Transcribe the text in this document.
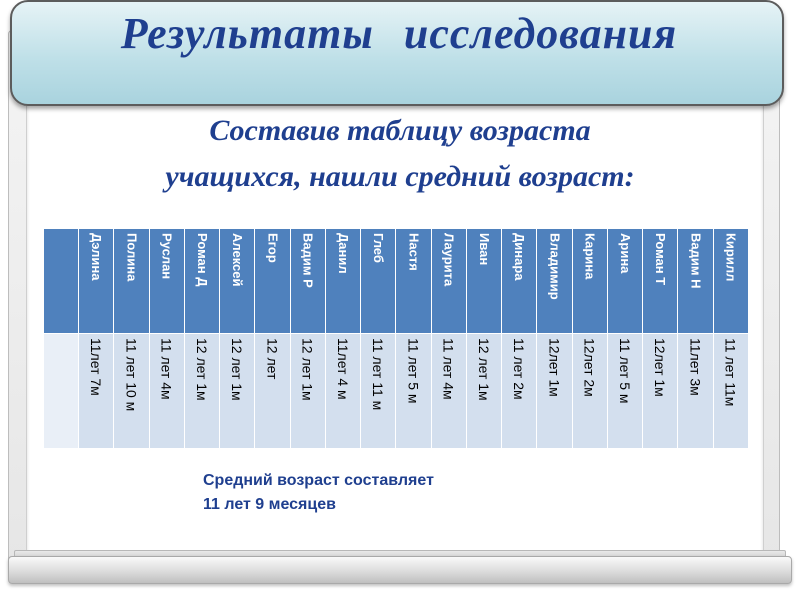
Результаты исследования
Составив таблицу возраста
учащихся, нашли средний возраст:

	Дэлина	Полина	Руслан	Роман Д	Алексей	Егор	Вадим Р	Данил	Глеб	Настя	Лаурита	Иван	Динара	Владимир	Карина	Арина	Роман Т	Вадим Н	Кирилл

	11лет 7м	11 лет 10 м	11 лет 4м	12 лет 1м	12 лет 1м	12 лет	12 лет 1м	11лет 4 м	11 лет 11 м	11 лет 5 м	11 лет 4м	12 лет 1м	11 лет 2м	12лет 1м	12лет 2м	11 лет 5 м	12лет 1м	11лет 3м	11 лет 11м
Средний возраст составляет
11 лет 9 месяцев
